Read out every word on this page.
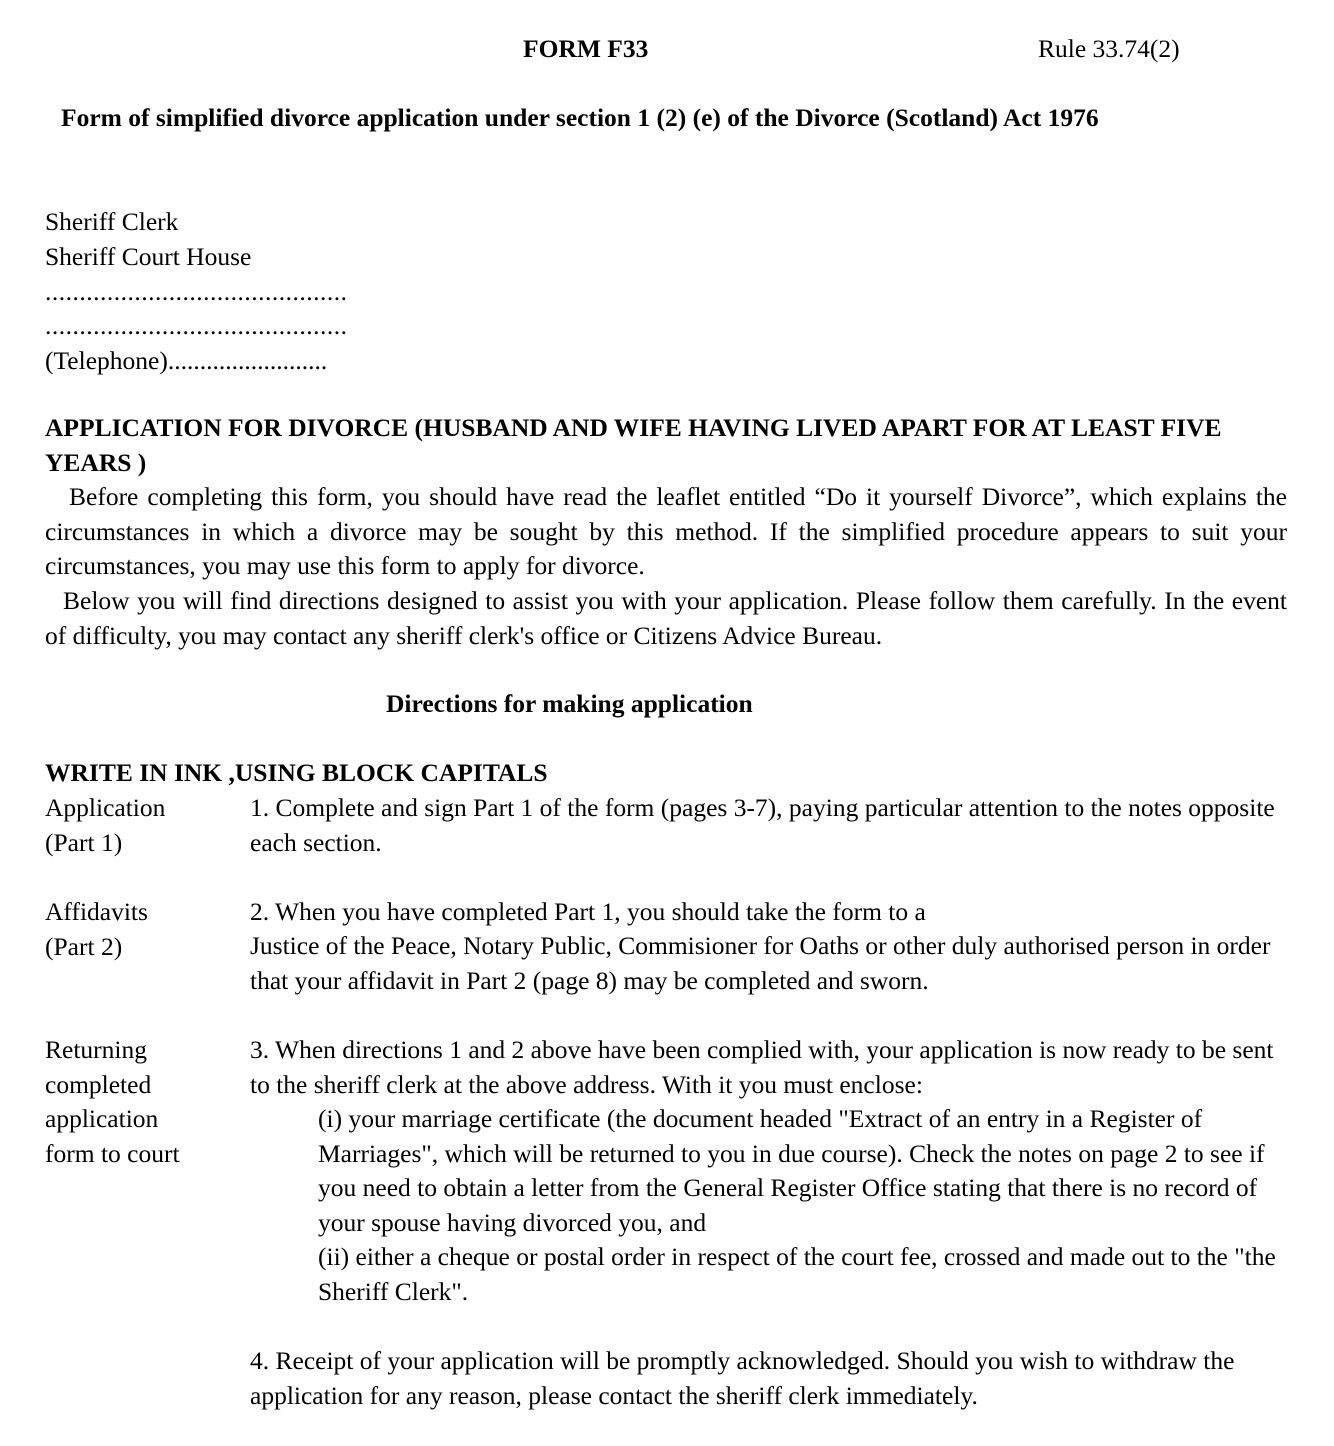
FORM F33	Rule 33.74(2)
Form of simplified divorce application under section 1 (2) (e) of the Divorce (Scotland) Act 1976
Sheriff Clerk
Sheriff Court House
............................................
............................................
(Telephone).........................
APPLICATION FOR DIVORCE (HUSBAND AND WIFE HAVING LIVED APART FOR AT LEAST FIVE YEARS )
Before completing this form, you should have read the leaflet entitled “Do it yourself Divorce”, which explains the circumstances in which a divorce may be sought by this method. If the simplified procedure appears to suit your circumstances, you may use this form to apply for divorce.
Below you will find directions designed to assist you with your application. Please follow them carefully. In the event of difficulty, you may contact any sheriff clerk's office or Citizens Advice Bureau.
Directions for making application
WRITE IN INK ,USING BLOCK CAPITALS
Application
(Part 1)
1. Complete and sign Part 1 of the form (pages 3-7), paying particular attention to the notes opposite each section.
Affidavits
(Part 2)
2. When you have completed Part 1, you should take the form to a
Justice of the Peace, Notary Public, Commisioner for Oaths or other duly authorised person in order that your affidavit in Part 2 (page 8) may be completed and sworn.
Returning
completed
application
form to court
3. When directions 1 and 2 above have been complied with, your application is now ready to be sent to the sheriff clerk at the above address. With it you must enclose:
(i) your marriage certificate (the document headed "Extract of an entry in a Register of Marriages", which will be returned to you in due course). Check the notes on page 2 to see if you need to obtain a letter from the General Register Office stating that there is no record of your spouse having divorced you, and
(ii) either a cheque or postal order in respect of the court fee, crossed and made out to the "the Sheriff Clerk".
4. Receipt of your application will be promptly acknowledged. Should you wish to withdraw the application for any reason, please contact the sheriff clerk immediately.
